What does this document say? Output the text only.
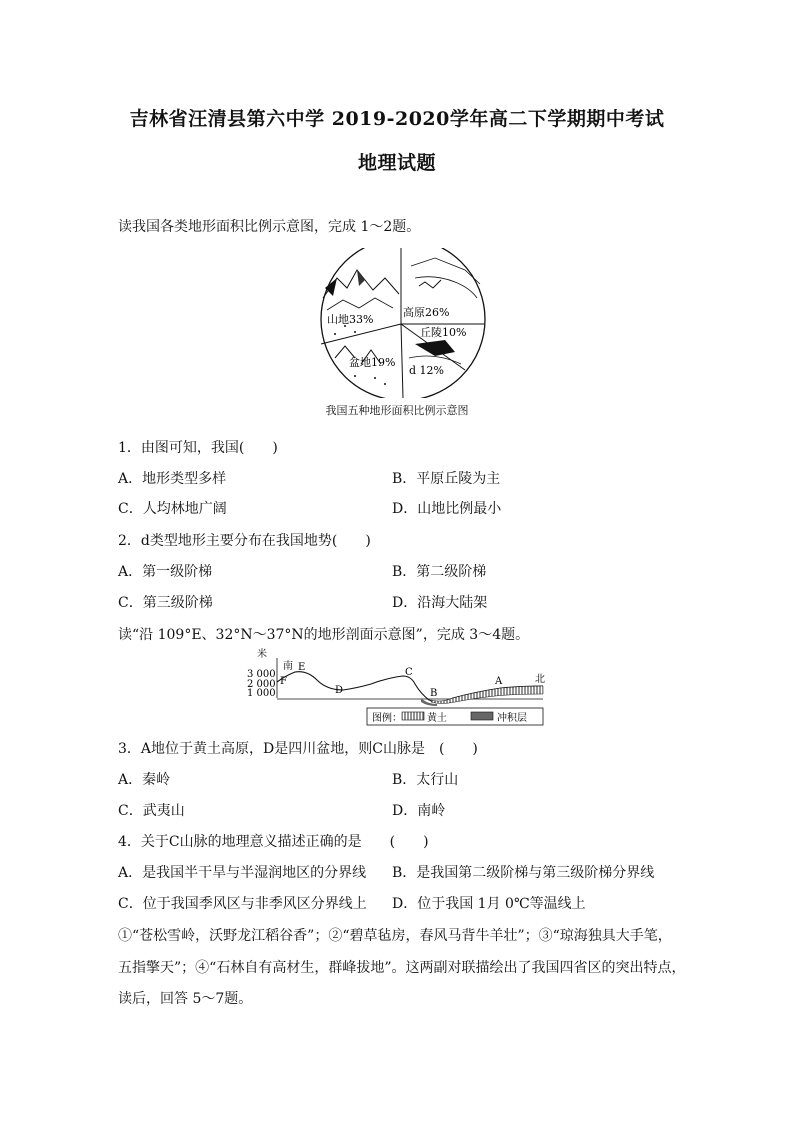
吉林省汪清县第六中学 2019-2020学年高二下学期期中考试
地理试题
读我国各类地形面积比例示意图，完成 1～2题。
山地33%
高原26%
丘陵10%
盆地19%
d 12%
我国五种地形面积比例示意图
1．由图可知，我国(　　)
A．地形类型多样	B．平原丘陵为主
C．人均林地广阔	D．山地比例最小
2．d类型地形主要分布在我国地势(　　)
A．第一级阶梯	B．第二级阶梯
C．第三级阶梯	D．沿海大陆架
读“沿 109°E、32°N～37°N的地形剖面示意图”，完成 3～4题。
米
3 000
2 000
1 000
南
北
F
E
D
C
B
A
图例：	黄土	冲积层
3．A地位于黄土高原，D是四川盆地，则C山脉是　(　　)
A．秦岭	B．太行山
C．武夷山	D．南岭
4．关于C山脉的地理意义描述正确的是　　(　　)
A．是我国半干旱与半湿润地区的分界线 B．是我国第二级阶梯与第三级阶梯分界线
C．位于我国季风区与非季风区分界线上 D．位于我国 1月 0℃等温线上
①“苍松雪岭，沃野龙江稻谷香”；②“碧草毡房，春风马背牛羊壮”；③“琼海独具大手笔，
五指擎天”；④“石林自有高材生，群峰拔地”。这两副对联描绘出了我国四省区的突出特点，
读后，回答 5～7题。
